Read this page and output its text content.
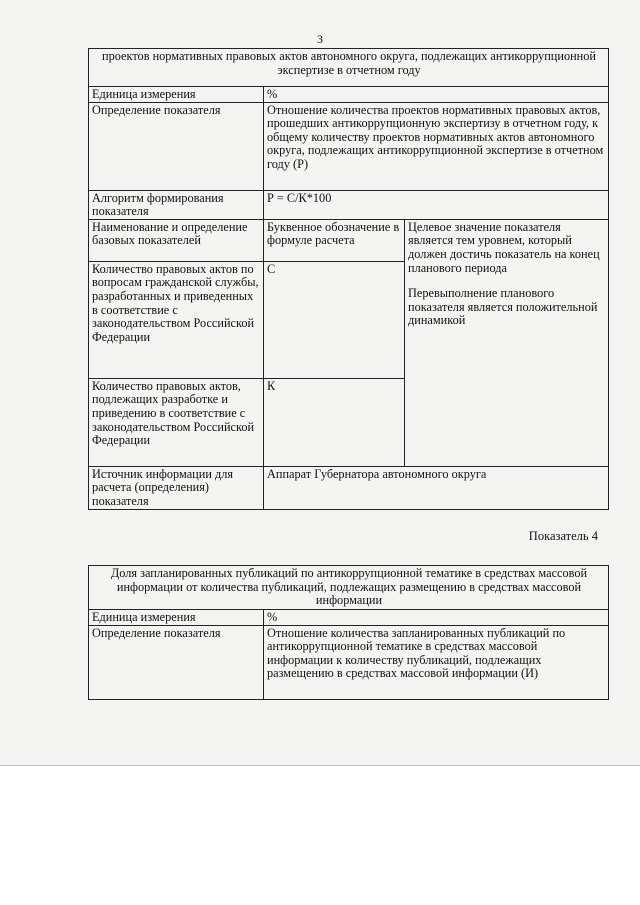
3
проектов нормативных правовых актов автономного округа, подлежащих антикоррупционной экспертизе в отчетном году		
Единица измерения	%	
Определение показателя	Отношение количества проектов нормативных правовых актов, прошедших антикоррупционную экспертизу в отчетном году, к общему количеству проектов нормативных актов автономного округа, подлежащих антикоррупционной экспертизе в отчетном году (Р)	
Алгоритм формирования показателя	Р = С/К*100	
Наименование и определение базовых показателей	Буквенное обозначение в формуле расчета	Целевое значение показателя является тем уровнем, который должен достичь показатель на конец планового периода
Перевыполнение планового показателя является положительной динамикой

Количество правовых актов по вопросам гражданской службы, разработанных и приведенных в соответствие с законодательством Российской Федерации	С	
Количество правовых актов, подлежащих разработке и приведению в соответствие с законодательством Российской Федерации	К	
Источник информации для расчета (определения) показателя	Аппарат Губернатора автономного округа	
Показатель 4
Доля запланированных публикаций по антикоррупционной тематике в средствах массовой информации от количества публикаций, подлежащих размещению в средствах массовой информации	
Единица измерения	%
Определение показателя	Отношение количества запланированных публикаций по антикоррупционной тематике в средствах массовой информации к количеству публикаций, подлежащих размещению в средствах массовой информации (И)
